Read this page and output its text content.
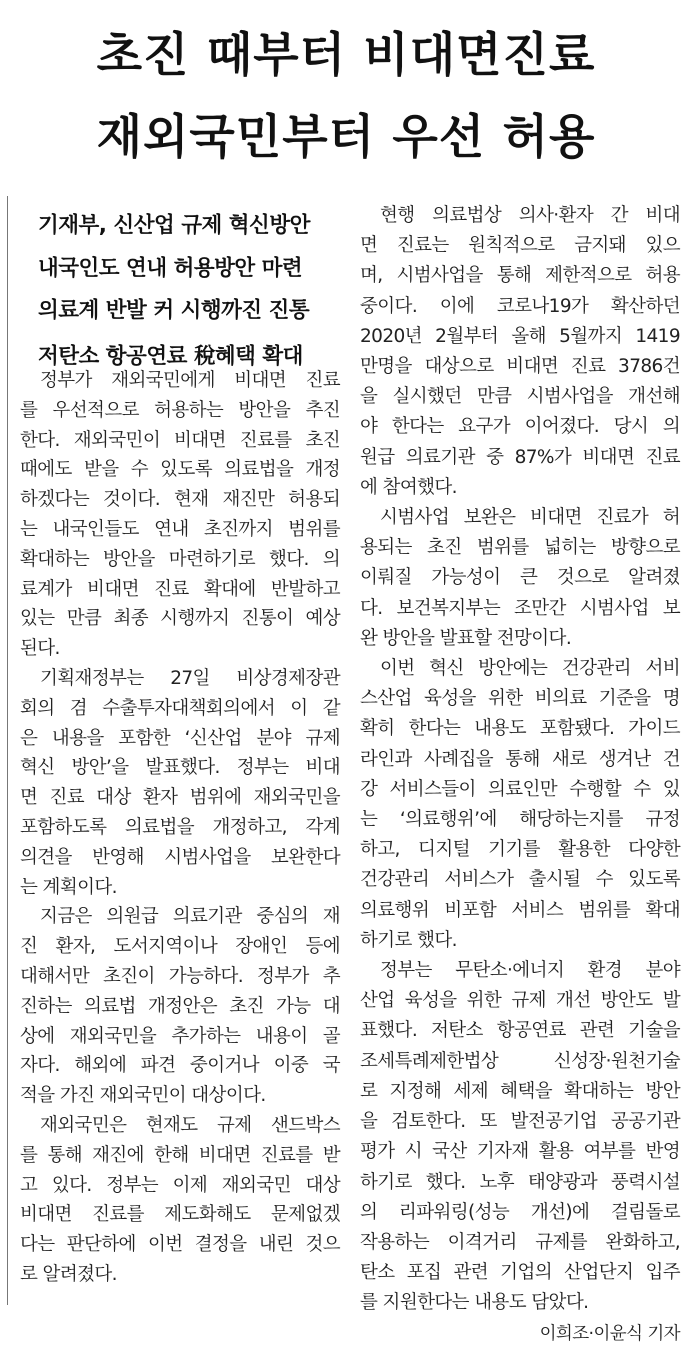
초진 때부터 비대면진료
재외국민부터 우선 허용
기재부, 신산업 규제 혁신방안
내국인도 연내 허용방안 마련
의료계 반발 커 시행까진 진통
저탄소 항공연료 稅혜택 확대
정부가 재외국민에게 비대면 진료
를 우선적으로 허용하는 방안을 추진
한다. 재외국민이 비대면 진료를 초진
때에도 받을 수 있도록 의료법을 개정
하겠다는 것이다. 현재 재진만 허용되
는 내국인들도 연내 초진까지 범위를
확대하는 방안을 마련하기로 했다. 의
료계가 비대면 진료 확대에 반발하고
있는 만큼 최종 시행까지 진통이 예상
된다.
기획재정부는 27일 비상경제장관
회의 겸 수출투자대책회의에서 이 같
은 내용을 포함한 ‘신산업 분야 규제
혁신 방안’을 발표했다. 정부는 비대
면 진료 대상 환자 범위에 재외국민을
포함하도록 의료법을 개정하고, 각계
의견을 반영해 시범사업을 보완한다
는 계획이다.
지금은 의원급 의료기관 중심의 재
진 환자, 도서지역이나 장애인 등에
대해서만 초진이 가능하다. 정부가 추
진하는 의료법 개정안은 초진 가능 대
상에 재외국민을 추가하는 내용이 골
자다. 해외에 파견 중이거나 이중 국
적을 가진 재외국민이 대상이다.
재외국민은 현재도 규제 샌드박스
를 통해 재진에 한해 비대면 진료를 받
고 있다. 정부는 이제 재외국민 대상
비대면 진료를 제도화해도 문제없겠
다는 판단하에 이번 결정을 내린 것으
로 알려졌다.
현행 의료법상 의사·환자 간 비대
면 진료는 원칙적으로 금지돼 있으
며, 시범사업을 통해 제한적으로 허용
중이다. 이에 코로나19가 확산하던
2020년 2월부터 올해 5월까지 1419
만명을 대상으로 비대면 진료 3786건
을 실시했던 만큼 시범사업을 개선해
야 한다는 요구가 이어졌다. 당시 의
원급 의료기관 중 87%가 비대면 진료
에 참여했다.
시범사업 보완은 비대면 진료가 허
용되는 초진 범위를 넓히는 방향으로
이뤄질 가능성이 큰 것으로 알려졌
다. 보건복지부는 조만간 시범사업 보
완 방안을 발표할 전망이다.
이번 혁신 방안에는 건강관리 서비
스산업 육성을 위한 비의료 기준을 명
확히 한다는 내용도 포함됐다. 가이드
라인과 사례집을 통해 새로 생겨난 건
강 서비스들이 의료인만 수행할 수 있
는 ‘의료행위’에 해당하는지를 규정
하고, 디지털 기기를 활용한 다양한
건강관리 서비스가 출시될 수 있도록
의료행위 비포함 서비스 범위를 확대
하기로 했다.
정부는 무탄소·에너지 환경 분야
산업 육성을 위한 규제 개선 방안도 발
표했다. 저탄소 항공연료 관련 기술을
조세특례제한법상 신성장·원천기술
로 지정해 세제 혜택을 확대하는 방안
을 검토한다. 또 발전공기업 공공기관
평가 시 국산 기자재 활용 여부를 반영
하기로 했다. 노후 태양광과 풍력시설
의 리파워링(성능 개선)에 걸림돌로
작용하는 이격거리 규제를 완화하고,
탄소 포집 관련 기업의 산업단지 입주
를 지원한다는 내용도 담았다.
이희조·이윤식 기자
